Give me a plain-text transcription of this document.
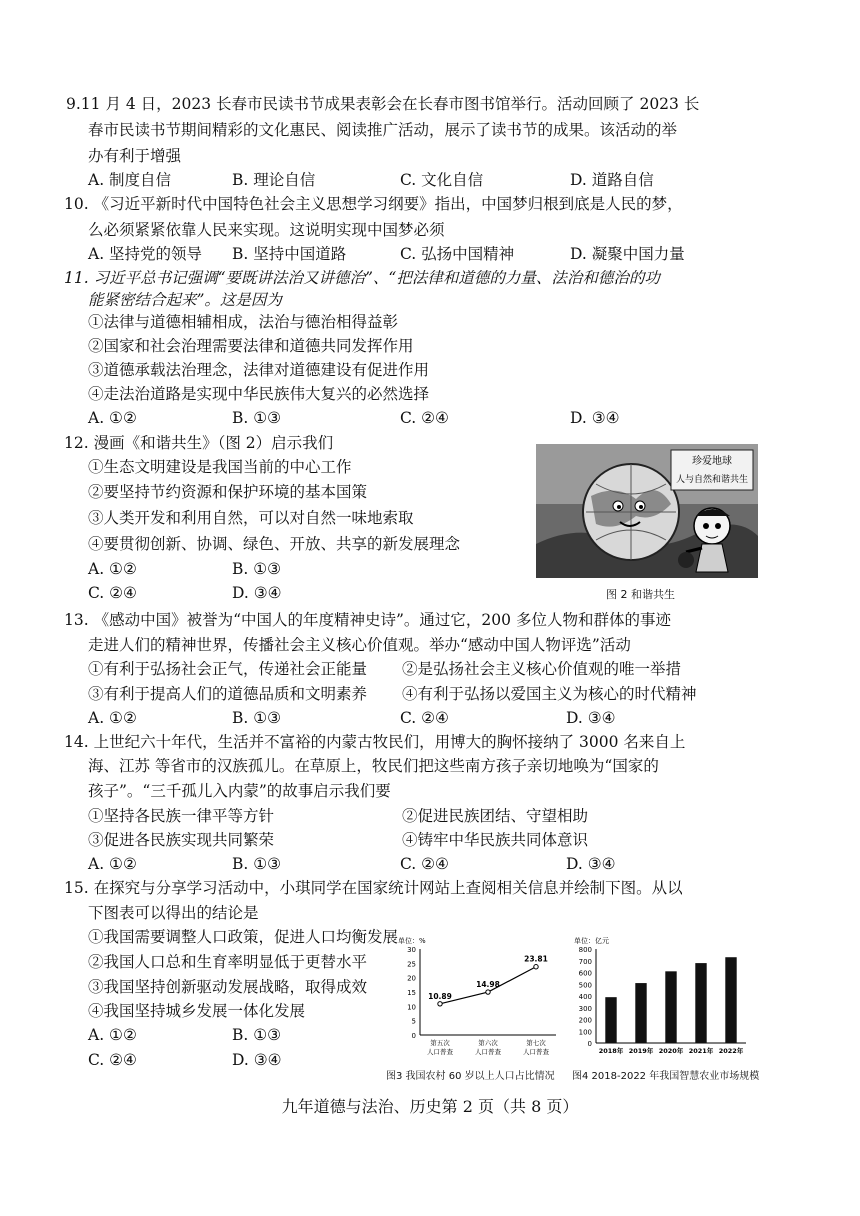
9.11 月 4 日，2023 长春市民读书节成果表彰会在长春市图书馆举行。活动回顾了 2023 长
春市民读书节期间精彩的文化惠民、阅读推广活动，展示了读书节的成果。该活动的举
办有利于增强
A. 制度自信	B. 理论自信	C. 文化自信	D. 道路自信
10. 《习近平新时代中国特色社会主义思想学习纲要》指出，中国梦归根到底是人民的梦，
么必须紧紧依靠人民来实现。这说明实现中国梦必须
A. 坚持党的领导 B. 坚持中国道路	C. 弘扬中国精神	D. 凝聚中国力量
11. 习近平总书记强调“要既讲法治又讲德治”、“把法律和道德的力量、法治和德治的功
能紧密结合起来”。这是因为
①法律与道德相辅相成，法治与德治相得益彰
②国家和社会治理需要法律和道德共同发挥作用
③道德承载法治理念，法律对道德建设有促进作用
④走法治道路是实现中华民族伟大复兴的必然选择
A. ①②	B. ①③	C. ②④	D. ③④
12. 漫画《和谐共生》（图 2）启示我们
①生态文明建设是我国当前的中心工作
②要坚持节约资源和保护环境的基本国策
③人类开发和利用自然，可以对自然一味地索取
④要贯彻创新、协调、绿色、开放、共享的新发展理念
A. ①②	B. ①③
C. ②④	D. ③④
珍爱地球
人与自然和谐共生
图 2 和谐共生
13. 《感动中国》被誉为“中国人的年度精神史诗”。通过它，200 多位人物和群体的事迹
走进人们的精神世界，传播社会主义核心价值观。举办“感动中国人物评选”活动
①有利于弘扬社会正气，传递社会正能量 ②是弘扬社会主义核心价值观的唯一举措
③有利于提高人们的道德品质和文明素养 ④有利于弘扬以爱国主义为核心的时代精神
A. ①②	B. ①③	C. ②④	D. ③④
14. 上世纪六十年代，生活并不富裕的内蒙古牧民们，用博大的胸怀接纳了 3000 名来自上
海、江苏 等省市的汉族孤儿。在草原上，牧民们把这些南方孩子亲切地唤为“国家的
孩子”。“三千孤儿入内蒙”的故事启示我们要
①坚持各民族一律平等方针	②促进民族团结、守望相助
③促进各民族实现共同繁荣	④铸牢中华民族共同体意识
A. ①②	B. ①③	C. ②④	D. ③④
15. 在探究与分享学习活动中，小琪同学在国家统计网站上查阅相关信息并绘制下图。从以
下图表可以得出的结论是
①我国需要调整人口政策，促进人口均衡发展
②我国人口总和生育率明显低于更替水平
③我国坚持创新驱动发展战略，取得成效
④我国坚持城乡发展一体化发展
A. ①②	B. ①③
C. ②④	D. ③④
单位：%
0
5
10
15
20
25
30
10.89
第五次
人口普查
14.98
第六次
人口普查
23.81
第七次
人口普查
图3 我国农村 60 岁以上人口占比情况
单位：亿元
0
100
200
300
400
500
600
700
800
2018年 2019年 2020年 2021年 2022年
图4 2018-2022 年我国智慧农业市场规模
九年道德与法治、历史第 2 页（共 8 页）
